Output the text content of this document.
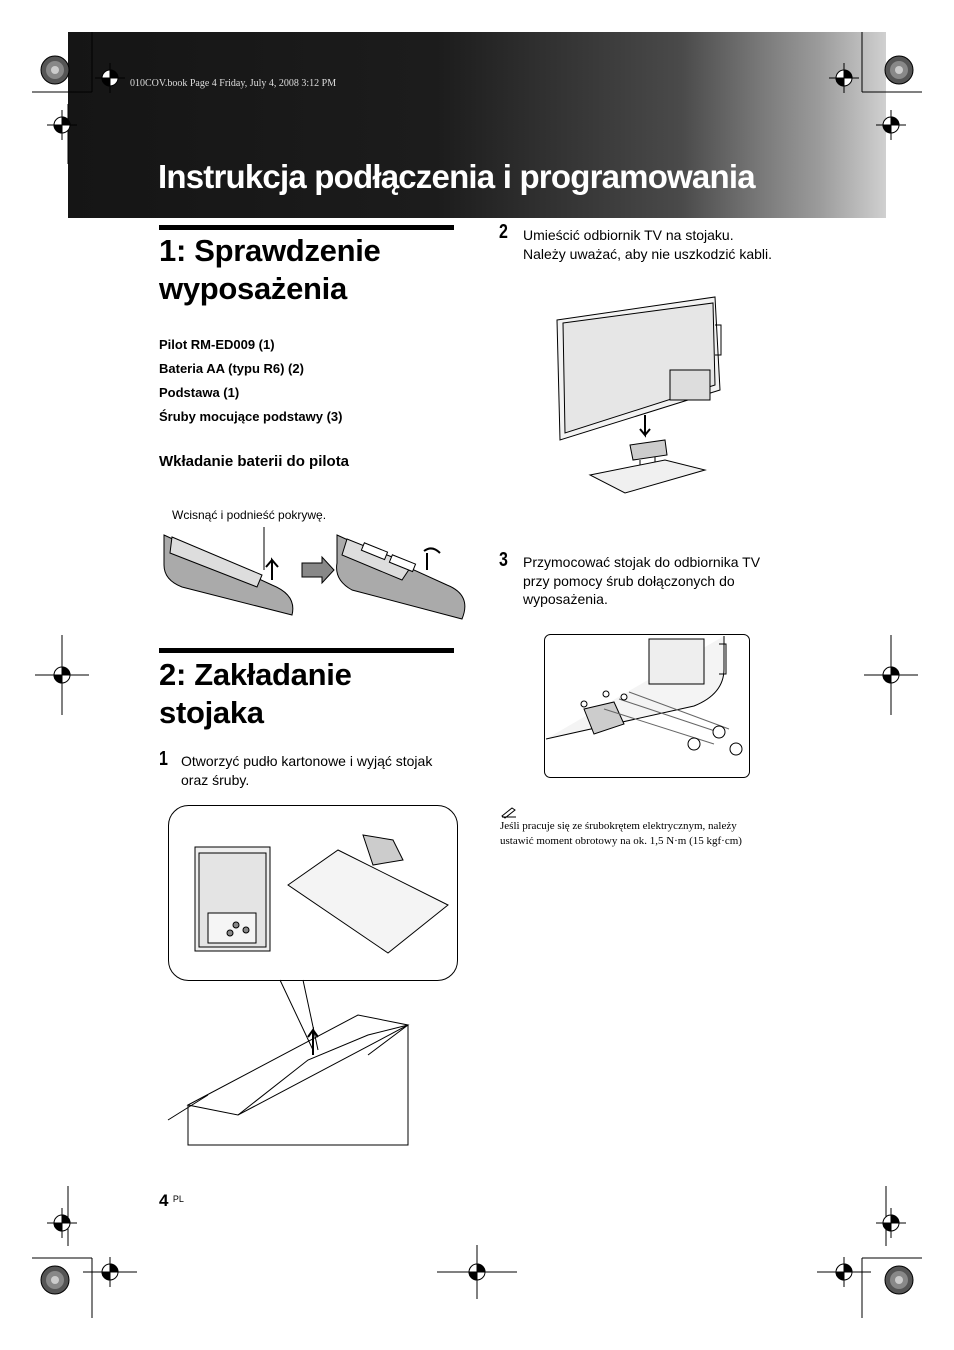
010COV.book Page 4 Friday, July 4, 2008 3:12 PM
Instrukcja podłączenia i programowania
1: Sprawdzenie
wyposażenia
Pilot RM-ED009 (1)
Bateria AA (typu R6) (2)
Podstawa (1)
Śruby mocujące podstawy (3)
Wkładanie baterii do pilota
Wcisnąć i podnieść pokrywę.
2: Zakładanie
stojaka
1 Otworzyć pudło kartonowe i wyjąć stojak
oraz śruby.
2 Umieścić odbiornik TV na stojaku.
Należy uważać, aby nie uszkodzić kabli.
3 Przymocować stojak do odbiornika TV
przy pomocy śrub dołączonych do
wyposażenia.
Jeśli pracuje się ze śrubokrętem elektrycznym, należy
ustawić moment obrotowy na ok. 1,5 N·m (15 kgf·cm)
4 $^{PL}$
